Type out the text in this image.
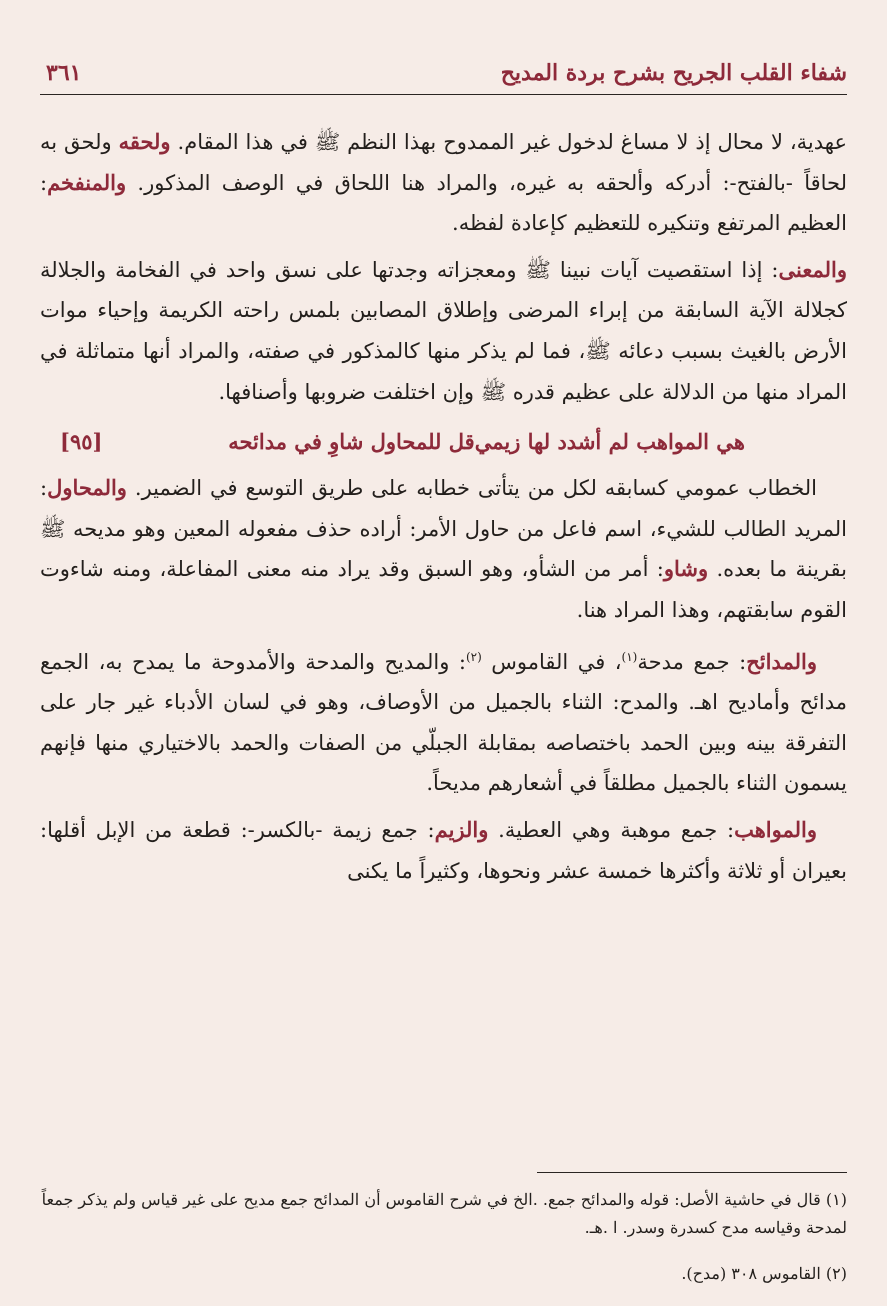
شفاء القلب الجريح بشرح بردة المديح
٣٦١

عهدية، لا محال إذ لا مساغ لدخول غير الممدوح بهذا النظم ﷺ في هذا المقام. ولحقه ولحق به لحاقاً -بالفتح-: أدركه وألحقه به غيره، والمراد هنا اللحاق في الوصف المذكور. والمنفخم: العظيم المرتفع وتنكيره للتعظيم كإعادة لفظه.

والمعنى: إذا استقصيت آيات نبينا ﷺ ومعجزاته وجدتها على نسق واحد في الفخامة والجلالة كجلالة الآية السابقة من إبراء المرضى وإطلاق المصابين بلمس راحته الكريمة وإحياء موات الأرض بالغيث بسبب دعائه ﷺ، فما لم يذكر منها كالمذكور في صفته، والمراد أنها متماثلة في المراد منها من الدلالة على عظيم قدره ﷺ وإن اختلفت ضروبها وأصنافها.

[٩٥]	قل للمحاول شاوِ في مدائحه هي المواهب لم أشدد لها زيمي

الخطاب عمومي كسابقه لكل من يتأتى خطابه على طريق التوسع في الضمير. والمحاول: المريد الطالب للشيء، اسم فاعل من حاول الأمر: أراده حذف مفعوله المعين وهو مديحه ﷺ بقرينة ما بعده. وشاو: أمر من الشأو، وهو السبق وقد يراد منه معنى المفاعلة، ومنه شاءوت القوم سابقتهم، وهذا المراد هنا.

والمدائح: جمع مدحة$^{(١)}$، في القاموس $^{(٢)}$: والمديح والمدحة والأمدوحة ما يمدح به، الجمع مدائح وأماديح اهـ. والمدح: الثناء بالجميل من الأوصاف، وهو في لسان الأدباء غير جار على التفرقة بينه وبين الحمد باختصاصه بمقابلة الجبلّي من الصفات والحمد بالاختياري منها فإنهم يسمون الثناء بالجميل مطلقاً في أشعارهم مديحاً.

والمواهب: جمع موهبة وهي العطية. والزيم: جمع زيمة -بالكسر-: قطعة من الإبل أقلها: بعيران أو ثلاثة وأكثرها خمسة عشر ونحوها، وكثيراً ما يكنى

(١) قال في حاشية الأصل: قوله والمدائح جمع. .الخ في شرح القاموس أن المدائح جمع مديح على غير قياس ولم يذكر جمعاً لمدحة وقياسه مدح كسدرة وسدر. ا .هـ.

(٢) القاموس ٣٠٨ (مدح).
